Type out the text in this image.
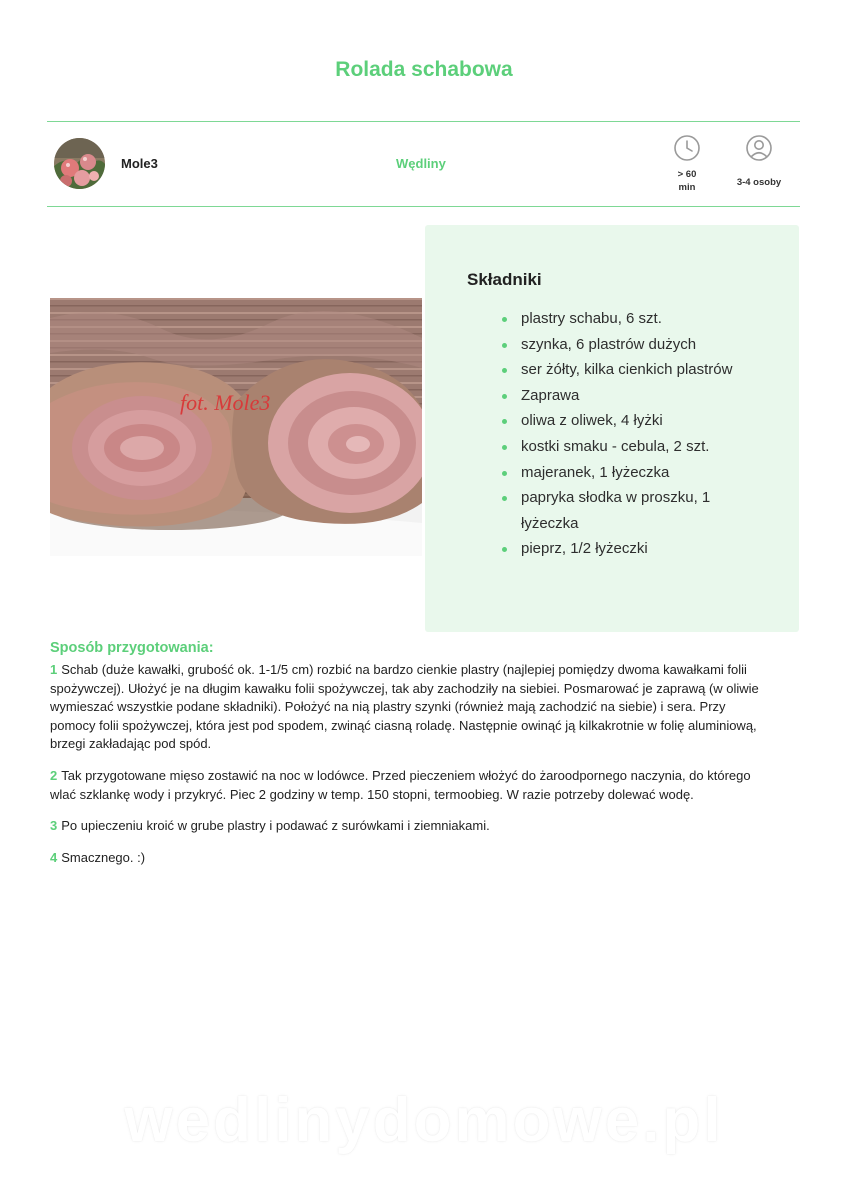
Rolada schabowa
Mole3	Wędliny
> 60 min	3-4 osoby
fot. Mole3
Składniki
plastry schabu, 6 szt.
szynka, 6 plastrów dużych
ser żółty, kilka cienkich plastrów
Zaprawa
oliwa z oliwek, 4 łyżki
kostki smaku - cebula, 2 szt.
majeranek, 1 łyżeczka
papryka słodka w proszku, 1 łyżeczka
pieprz, 1/2 łyżeczki
Sposób przygotowania:

1 Schab (duże kawałki, grubość ok. 1-1/5 cm) rozbić na bardzo cienkie plastry (najlepiej pomiędzy dwoma kawałkami folii spożywczej). Ułożyć je na długim kawałku folii spożywczej, tak aby zachodziły na siebiei. Posmarować je zaprawą (w oliwie wymieszać wszystkie podane składniki). Położyć na nią plastry szynki (również mają zachodzić na siebie) i sera. Przy pomocy folii spożywczej, która jest pod spodem, zwinąć ciasną roladę. Następnie owinąć ją kilkakrotnie w folię aluminiową, brzegi zakładając pod spód.

2 Tak przygotowane mięso zostawić na noc w lodówce. Przed pieczeniem włożyć do żaroodpornego naczynia, do którego wlać szklankę wody i przykryć. Piec 2 godziny w temp. 150 stopni, termoobieg. W razie potrzeby dolewać wodę.

3 Po upieczeniu kroić w grube plastry i podawać z surówkami i ziemniakami.

4 Smacznego. :)

wedlinydomowe.pl
